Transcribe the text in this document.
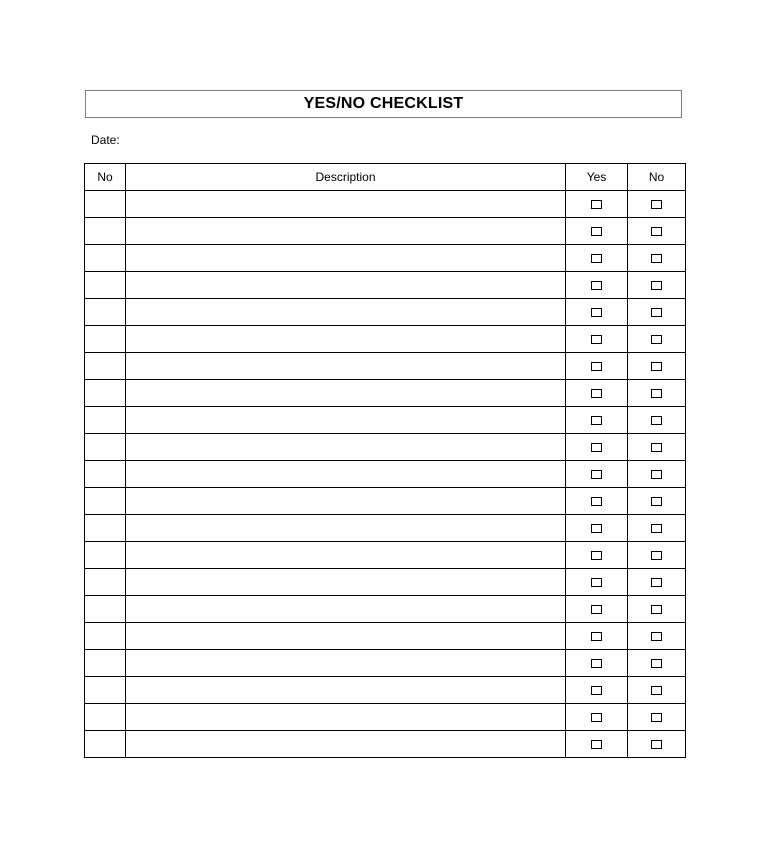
YES/NO CHECKLIST
Date:
No	Description	Yes	No
